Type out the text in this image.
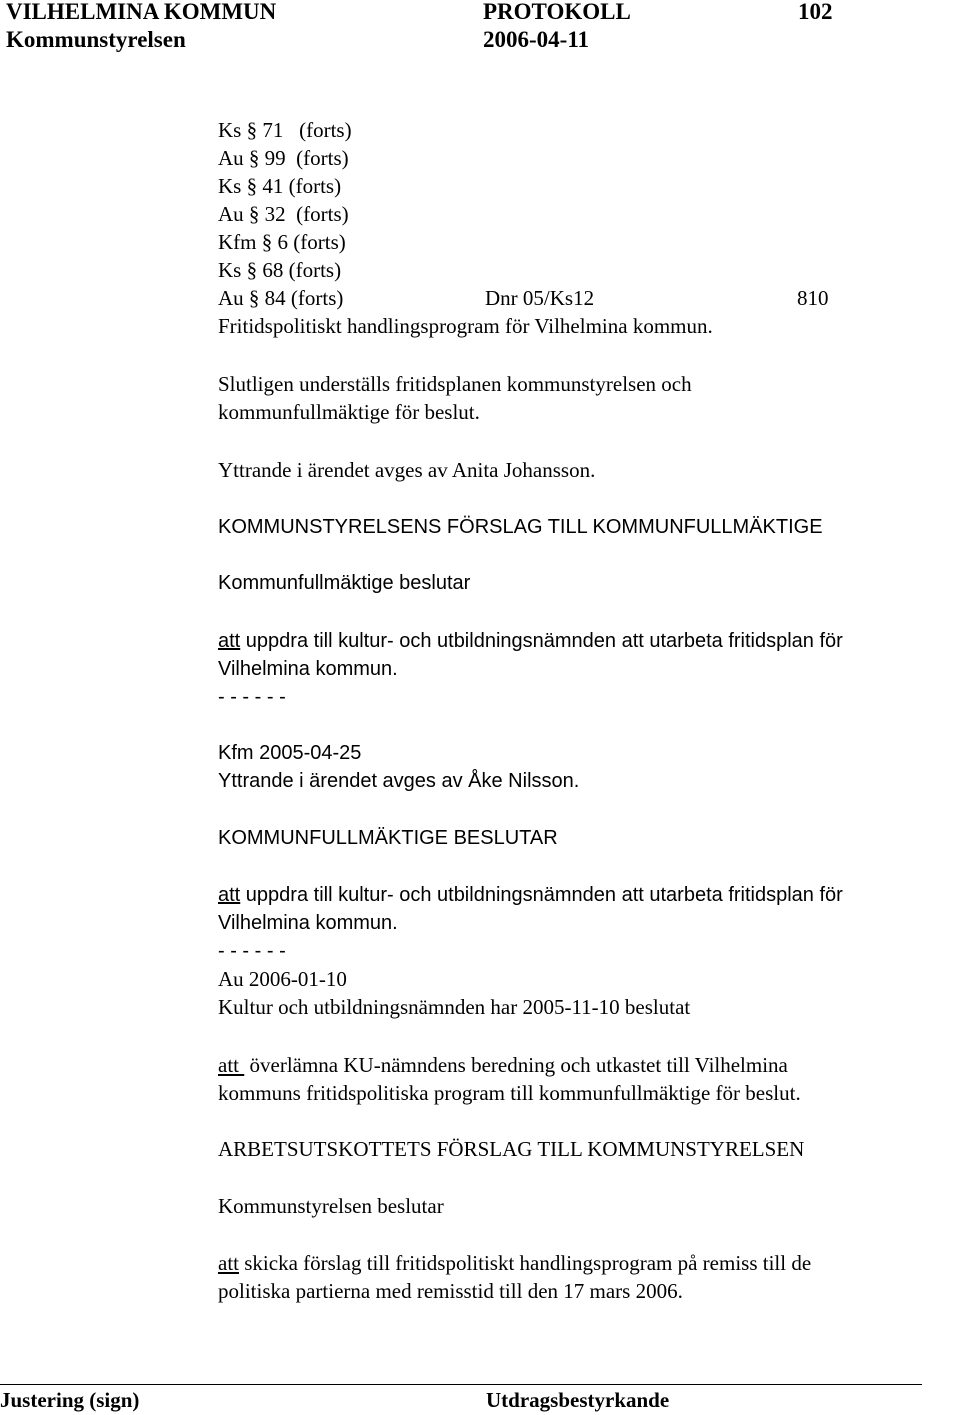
VILHELMINA KOMMUN	PROTOKOLL	102
Kommunstyrelsen	2006-04-11
Ks § 71 (forts)
Au § 99 (forts)
Ks § 41 (forts)
Au § 32 (forts)
Kfm § 6 (forts)
Ks § 68 (forts)
Au § 84 (forts)	Dnr 05/Ks12	810
Fritidspolitiskt handlingsprogram för Vilhelmina kommun.
Slutligen underställs fritidsplanen kommunstyrelsen och
kommunfullmäktige för beslut.
Yttrande i ärendet avges av Anita Johansson.
KOMMUNSTYRELSENS FÖRSLAG TILL KOMMUNFULLMÄKTIGE
Kommunfullmäktige beslutar
att uppdra till kultur- och utbildningsnämnden att utarbeta fritidsplan för
Vilhelmina kommun.
- - - - - -
Kfm 2005-04-25
Yttrande i ärendet avges av Åke Nilsson.
KOMMUNFULLMÄKTIGE BESLUTAR
att uppdra till kultur- och utbildningsnämnden att utarbeta fritidsplan för
Vilhelmina kommun.
- - - - - -
Au 2006-01-10
Kultur och utbildningsnämnden har 2005-11-10 beslutat
att  överlämna KU-nämndens beredning och utkastet till Vilhelmina
kommuns fritidspolitiska program till kommunfullmäktige för beslut.
ARBETSUTSKOTTETS FÖRSLAG TILL KOMMUNSTYRELSEN
Kommunstyrelsen beslutar
att skicka förslag till fritidspolitiskt handlingsprogram på remiss till de
politiska partierna med remisstid till den 17 mars 2006.
Justering (sign)	Utdragsbestyrkande
